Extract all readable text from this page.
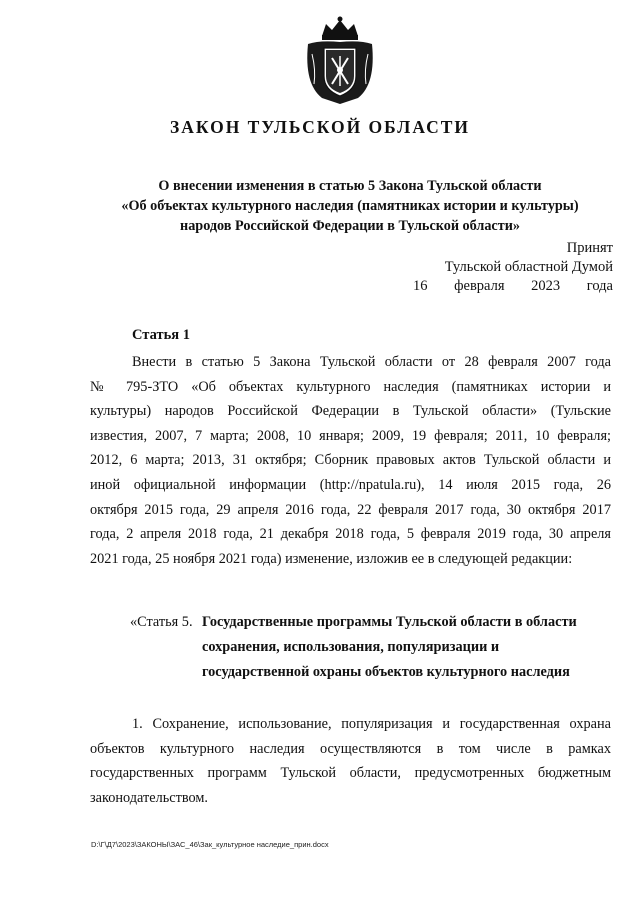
ЗАКОН ТУЛЬСКОЙ ОБЛАСТИ
О внесении изменения в статью 5 Закона Тульской области
«Об объектах культурного наследия (памятниках истории и культуры)
народов Российской Федерации в Тульской области»
Принят
Тульской областной Думой
16 февраля 2023 года
Статья 1
Внести в статью 5 Закона Тульской области от 28 февраля 2007 года
№ 795-ЗТО «Об объектах культурного наследия (памятниках истории и
культуры) народов Российской Федерации в Тульской области» (Тульские
известия, 2007, 7 марта; 2008, 10 января; 2009, 19 февраля; 2011, 10 февраля;
2012, 6 марта; 2013, 31 октября; Сборник правовых актов Тульской области и
иной официальной информации (http://npatula.ru), 14 июля 2015 года, 26
октября 2015 года, 29 апреля 2016 года, 22 февраля 2017 года, 30 октября 2017
года, 2 апреля 2018 года, 21 декабря 2018 года, 5 февраля 2019 года, 30 апреля
2021 года, 25 ноября 2021 года) изменение, изложив ее в следующей редакции:
«Статья 5. Государственные программы Тульской области в области
сохранения, использования, популяризации и
государственной охраны объектов культурного наследия
1. Сохранение, использование, популяризация и государственная охрана
объектов культурного наследия осуществляются в том числе в рамках
государственных программ Тульской области, предусмотренных бюджетным
законодательством.
D:\Г\Д7\2023\ЗАКОНЫ\ЗАС_46\Зак_культурное наследие_прин.docx
